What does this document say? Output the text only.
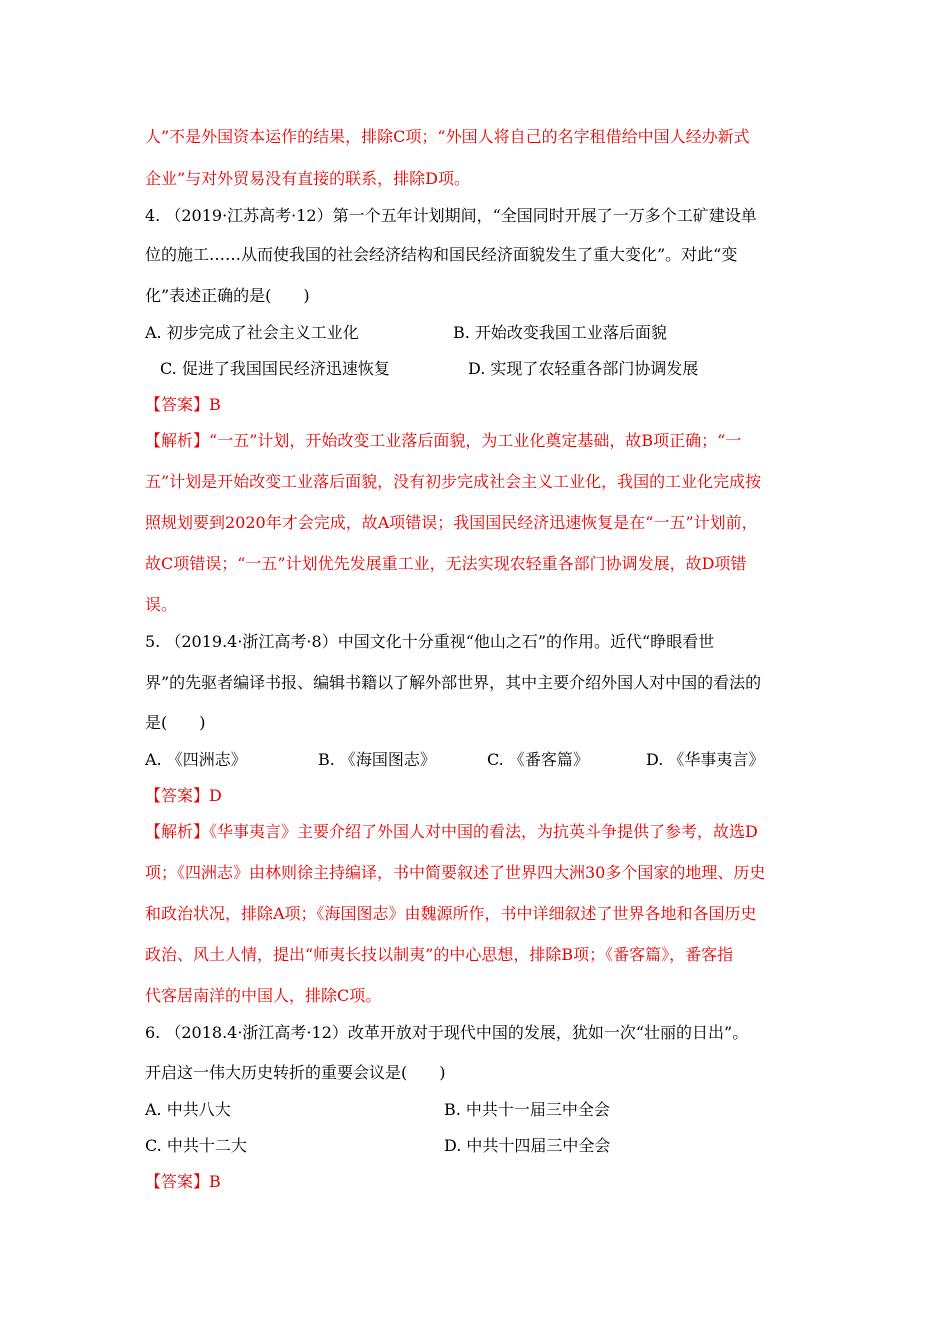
人”不是外国资本运作的结果，排除C项；“外国人将自己的名字租借给中国人经办新式
企业”与对外贸易没有直接的联系，排除D项。
4. （2019·江苏高考·12）第一个五年计划期间，“全国同时开展了一万多个工矿建设单
位的施工……从而使我国的社会经济结构和国民经济面貌发生了重大变化”。对此“变
化”表述正确的是(　　)
A. 初步完成了社会主义工业化	B. 开始改变我国工业落后面貌
C. 促进了我国国民经济迅速恢复	D. 实现了农轻重各部门协调发展
【答案】B
【解析】“一五”计划，开始改变工业落后面貌，为工业化奠定基础，故B项正确；“一
五”计划是开始改变工业落后面貌，没有初步完成社会主义工业化，我国的工业化完成按
照规划要到2020年才会完成，故A项错误；我国国民经济迅速恢复是在“一五”计划前，
故C项错误；“一五”计划优先发展重工业，无法实现农轻重各部门协调发展，故D项错
误。
5. （2019.4·浙江高考·8）中国文化十分重视“他山之石”的作用。近代“睁眼看世
界”的先驱者编译书报、编辑书籍以了解外部世界，其中主要介绍外国人对中国的看法的
是(　　)
A. 《四洲志》	B. 《海国图志》	C. 《番客篇》	D. 《华事夷言》
【答案】D
【解析】《华事夷言》主要介绍了外国人对中国的看法，为抗英斗争提供了参考，故选D
项；《四洲志》由林则徐主持编译，书中简要叙述了世界四大洲30多个国家的地理、历史
和政治状况，排除A项；《海国图志》由魏源所作，书中详细叙述了世界各地和各国历史
政治、风土人情，提出“师夷长技以制夷”的中心思想，排除B项；《番客篇》，番客指
代客居南洋的中国人，排除C项。
6. （2018.4·浙江高考·12）改革开放对于现代中国的发展，犹如一次“壮丽的日出”。
开启这一伟大历史转折的重要会议是(　　)
A. 中共八大	B. 中共十一届三中全会
C. 中共十二大	D. 中共十四届三中全会
【答案】B
